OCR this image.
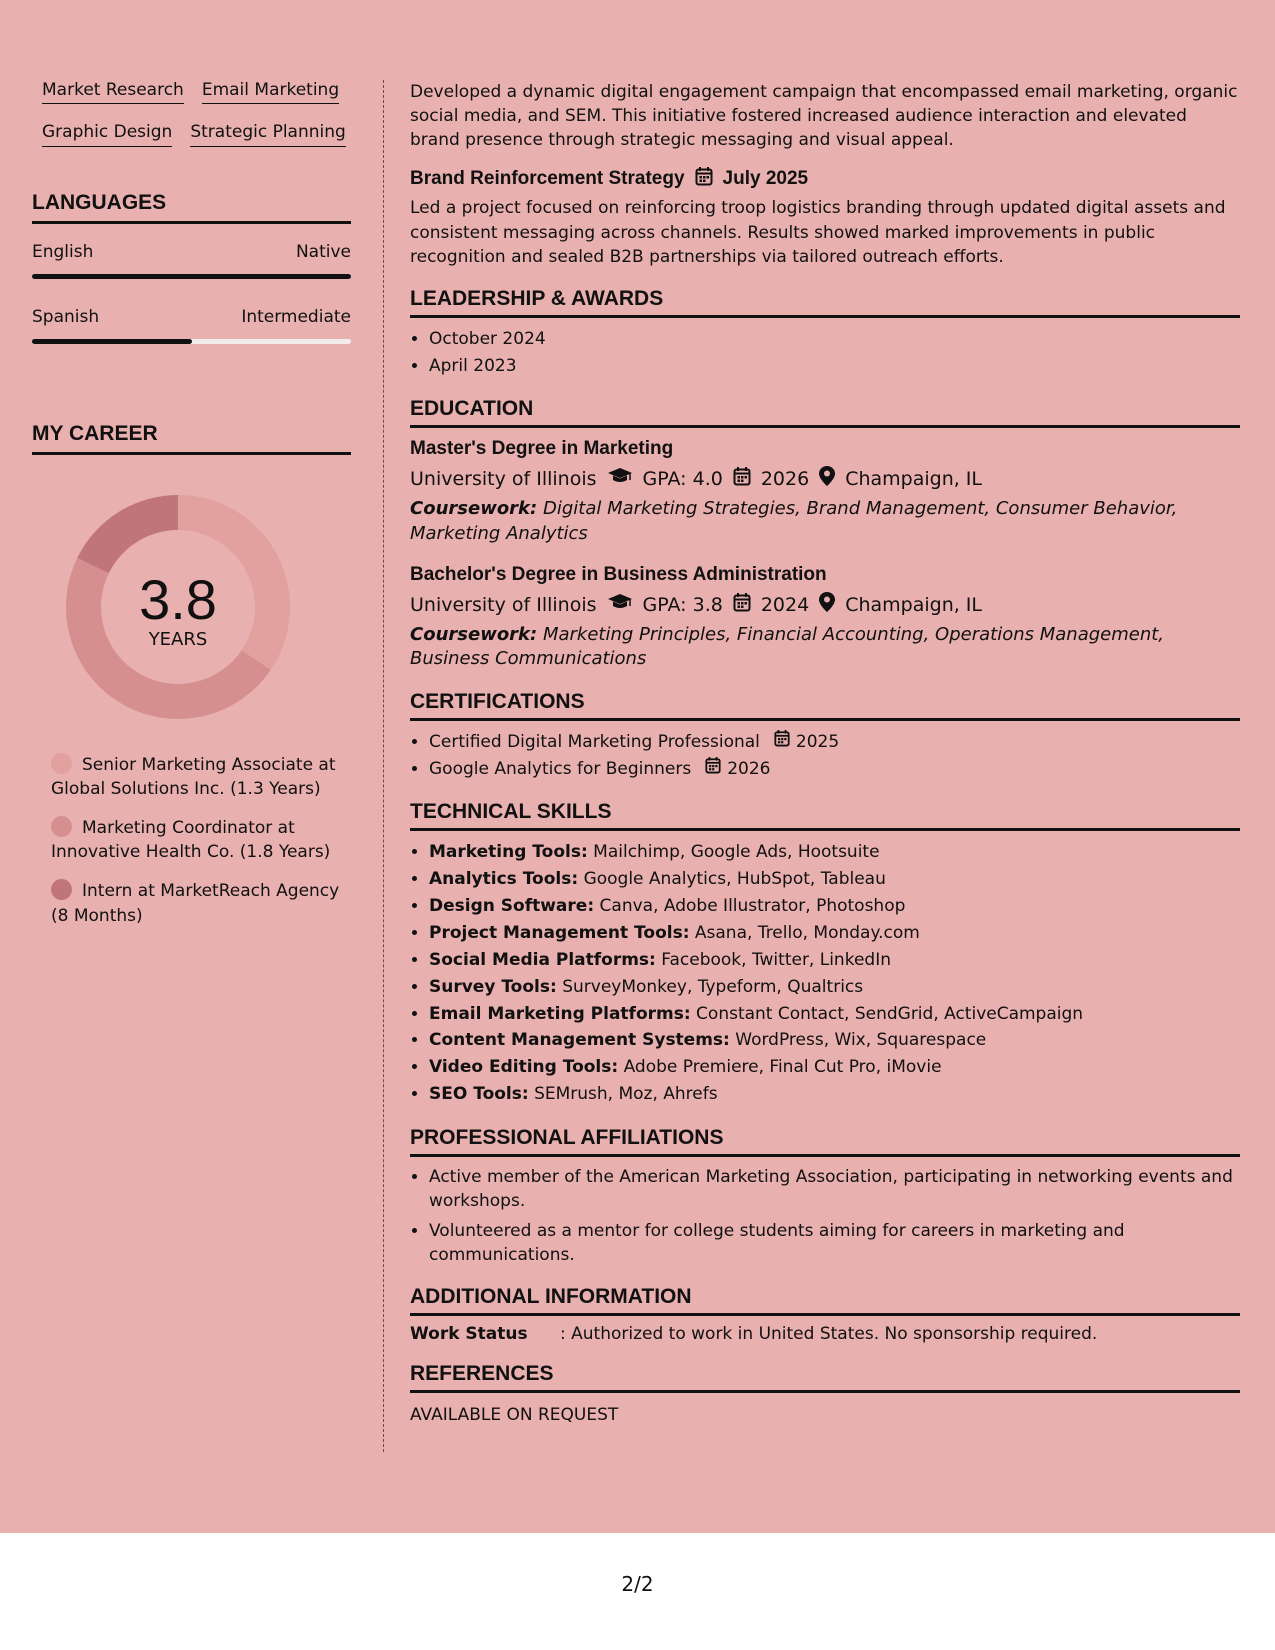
Market Research Email Marketing
Graphic Design Strategic Planning
LANGUAGES
English	Native
Spanish	Intermediate
MY CAREER
3.8
YEARS
Senior Marketing Associate at Global Solutions Inc. (1.3 Years)
Marketing Coordinator at Innovative Health Co. (1.8 Years)
Intern at MarketReach Agency (8 Months)

Developed a dynamic digital engagement campaign that encompassed email marketing, organic social media, and SEM. This initiative fostered increased audience interaction and elevated brand presence through strategic messaging and visual appeal.

Brand Reinforcement Strategy July 2025

Led a project focused on reinforcing troop logistics branding through updated digital assets and consistent messaging across channels. Results showed marked improvements in public recognition and sealed B2B partnerships via tailored outreach efforts.

LEADERSHIP & AWARDS
• October 2024
• April 2023
EDUCATION
Master's Degree in Marketing
University of Illinois GPA: 4.0 2026 Champaign, IL
Coursework: Digital Marketing Strategies, Brand Management, Consumer Behavior, Marketing Analytics
Bachelor's Degree in Business Administration
University of Illinois GPA: 3.8 2024 Champaign, IL
Coursework: Marketing Principles, Financial Accounting, Operations Management, Business Communications
CERTIFICATIONS
• Certified Digital Marketing Professional 2025
• Google Analytics for Beginners 2026
TECHNICAL SKILLS
• Marketing Tools: Mailchimp, Google Ads, Hootsuite
• Analytics Tools: Google Analytics, HubSpot, Tableau
• Design Software: Canva, Adobe Illustrator, Photoshop
• Project Management Tools: Asana, Trello, Monday.com
• Social Media Platforms: Facebook, Twitter, LinkedIn
• Survey Tools: SurveyMonkey, Typeform, Qualtrics
• Email Marketing Platforms: Constant Contact, SendGrid, ActiveCampaign
• Content Management Systems: WordPress, Wix, Squarespace
• Video Editing Tools: Adobe Premiere, Final Cut Pro, iMovie
• SEO Tools: SEMrush, Moz, Ahrefs
PROFESSIONAL AFFILIATIONS
• Active member of the American Marketing Association, participating in networking events and workshops.
• Volunteered as a mentor for college students aiming for careers in marketing and communications.
ADDITIONAL INFORMATION
Work Status	: Authorized to work in United States. No sponsorship required.
REFERENCES
AVAILABLE ON REQUEST
2/2
